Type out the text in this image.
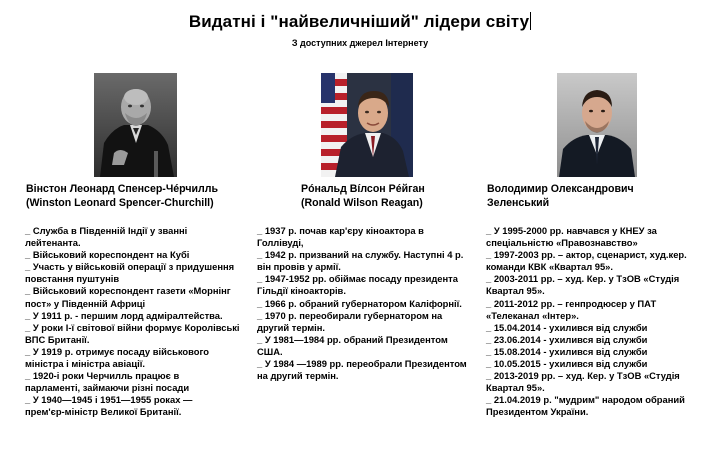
Видатні і "найвеличніший" лідери світу
З доступних джерел Інтернету
Вінстон Леонард Спенсер-Чéрчилль
(Winston Leonard Spencer-Churchill)
_ Служба в Південній Індії у званні
лейтенанта.
_ Військовий кореспондент на Кубі
_ Участь у військовій операції з придушення
повстання пуштунів
_ Військовий кореспондент газети «Морнінг
пост» у Південній Африці
_ У 1911 р. - першим лорд адміралтейства.
_ У роки І-ї світової війни формує Королівські
ВПС Британії.
_ У 1919 р. отримує посаду військового
міністра і міністра авіації.
_ 1920-і роки Черчилль працює в
парламенті, займаючи різні посади
_ У 1940—1945 і 1951—1955 роках —
прем'єр-міністр Великої Британії.
Рóнальд Вíлсон Рéйган
(Ronald Wilson Reagan)
_ 1937 р. почав кар'єру кіноактора в
Голлівуді,
_ 1942 р. призваний на службу. Наступні 4 р.
він провів у армії.
_ 1947-1952 рр. обіймає посаду президента
Гільдії кіноакторів.
_ 1966 р. обраний губернатором Каліфорнії.
_ 1970 р. переобирали губернатором на
другий термін.
_ У 1981—1984 рр. обраний Президентом
США.
_ У 1984 —1989 рр. переобрали Президентом
на другий термін.
Володимир Олександрович
Зеленський
_ У 1995-2000 рр. навчався у КНЕУ за
спеціальністю «Правознавство»
_ 1997-2003 рр. – актор, сценарист, худ.кер.
команди КВК «Квартал 95».
_ 2003-2011 рр. – худ. Кер. у ТзОВ «Студія
Квартал 95».
_ 2011-2012 рр. – генпродюсер у ПАТ
«Телеканал «Інтер».
_ 15.04.2014 - ухилився від служби
_ 23.06.2014 - ухилився від служби
_ 15.08.2014 - ухилився від служби
_ 10.05.2015 - ухилився від служби
_ 2013-2019 рр. – худ. Кер. у ТзОВ «Студія
Квартал 95».
_ 21.04.2019 р. "мудрим" народом обраний
Президентом України.
